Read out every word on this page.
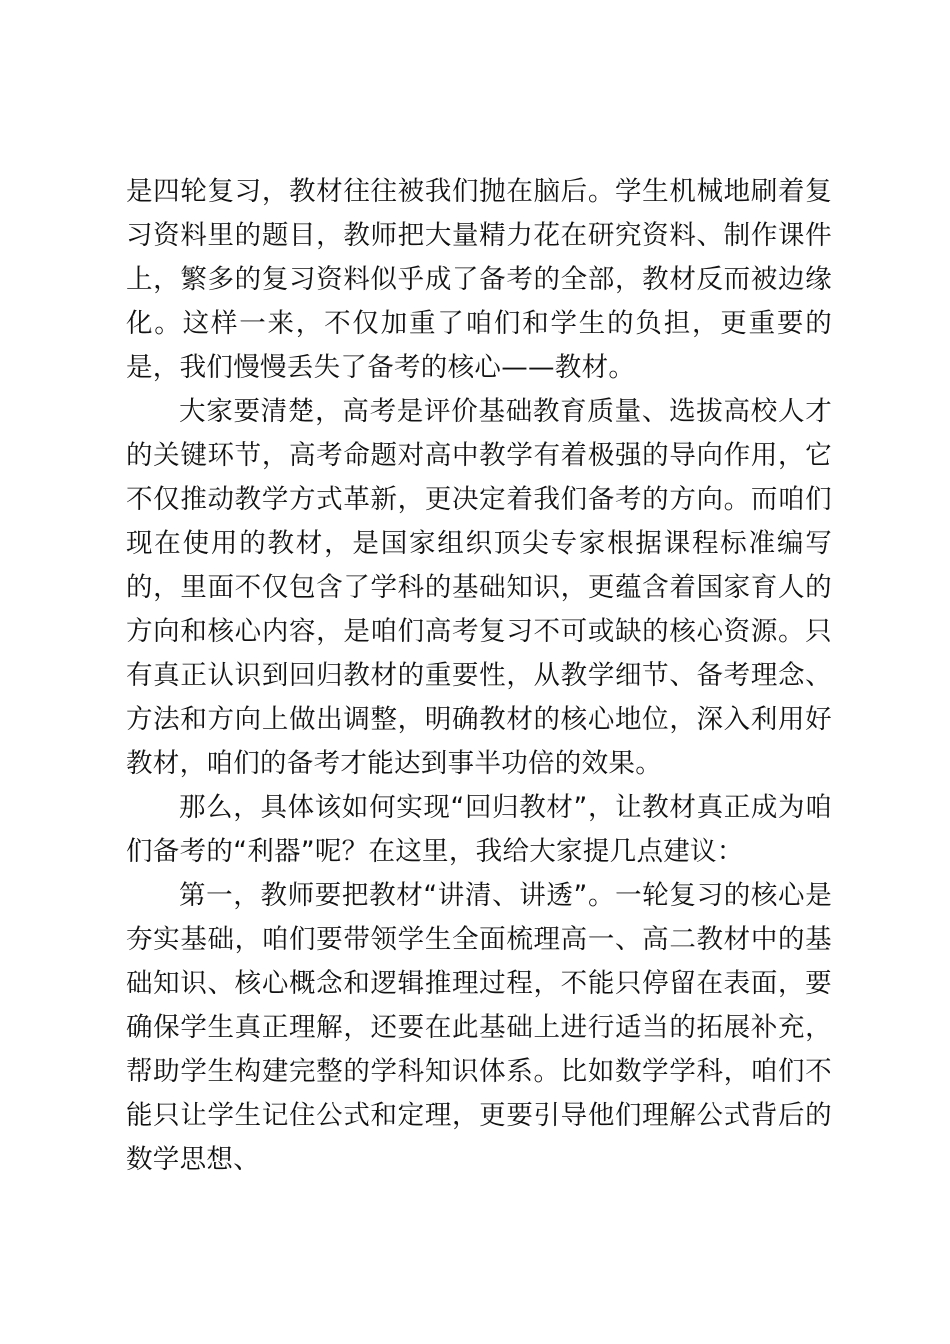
是四轮复习，教材往往被我们抛在脑后。学生机械地刷着复习资料里的题目，教师把大量精力花在研究资料、制作课件上，繁多的复习资料似乎成了备考的全部，教材反而被边缘化。这样一来，不仅加重了咱们和学生的负担，更重要的是，我们慢慢丢失了备考的核心——教材。

大家要清楚，高考是评价基础教育质量、选拔高校人才的关键环节，高考命题对高中教学有着极强的导向作用，它不仅推动教学方式革新，更决定着我们备考的方向。而咱们现在使用的教材，是国家组织顶尖专家根据课程标准编写的，里面不仅包含了学科的基础知识，更蕴含着国家育人的方向和核心内容，是咱们高考复习不可或缺的核心资源。只有真正认识到回归教材的重要性，从教学细节、备考理念、方法和方向上做出调整，明确教材的核心地位，深入利用好教材，咱们的备考才能达到事半功倍的效果。

那么，具体该如何实现“回归教材”，让教材真正成为咱们备考的“利器”呢？在这里，我给大家提几点建议：

第一，教师要把教材“讲清、讲透”。一轮复习的核心是夯实基础，咱们要带领学生全面梳理高一、高二教材中的基础知识、核心概念和逻辑推理过程，不能只停留在表面，要确保学生真正理解，还要在此基础上进行适当的拓展补充，帮助学生构建完整的学科知识体系。比如数学学科，咱们不能只让学生记住公式和定理，更要引导他们理解公式背后的数学思想、
